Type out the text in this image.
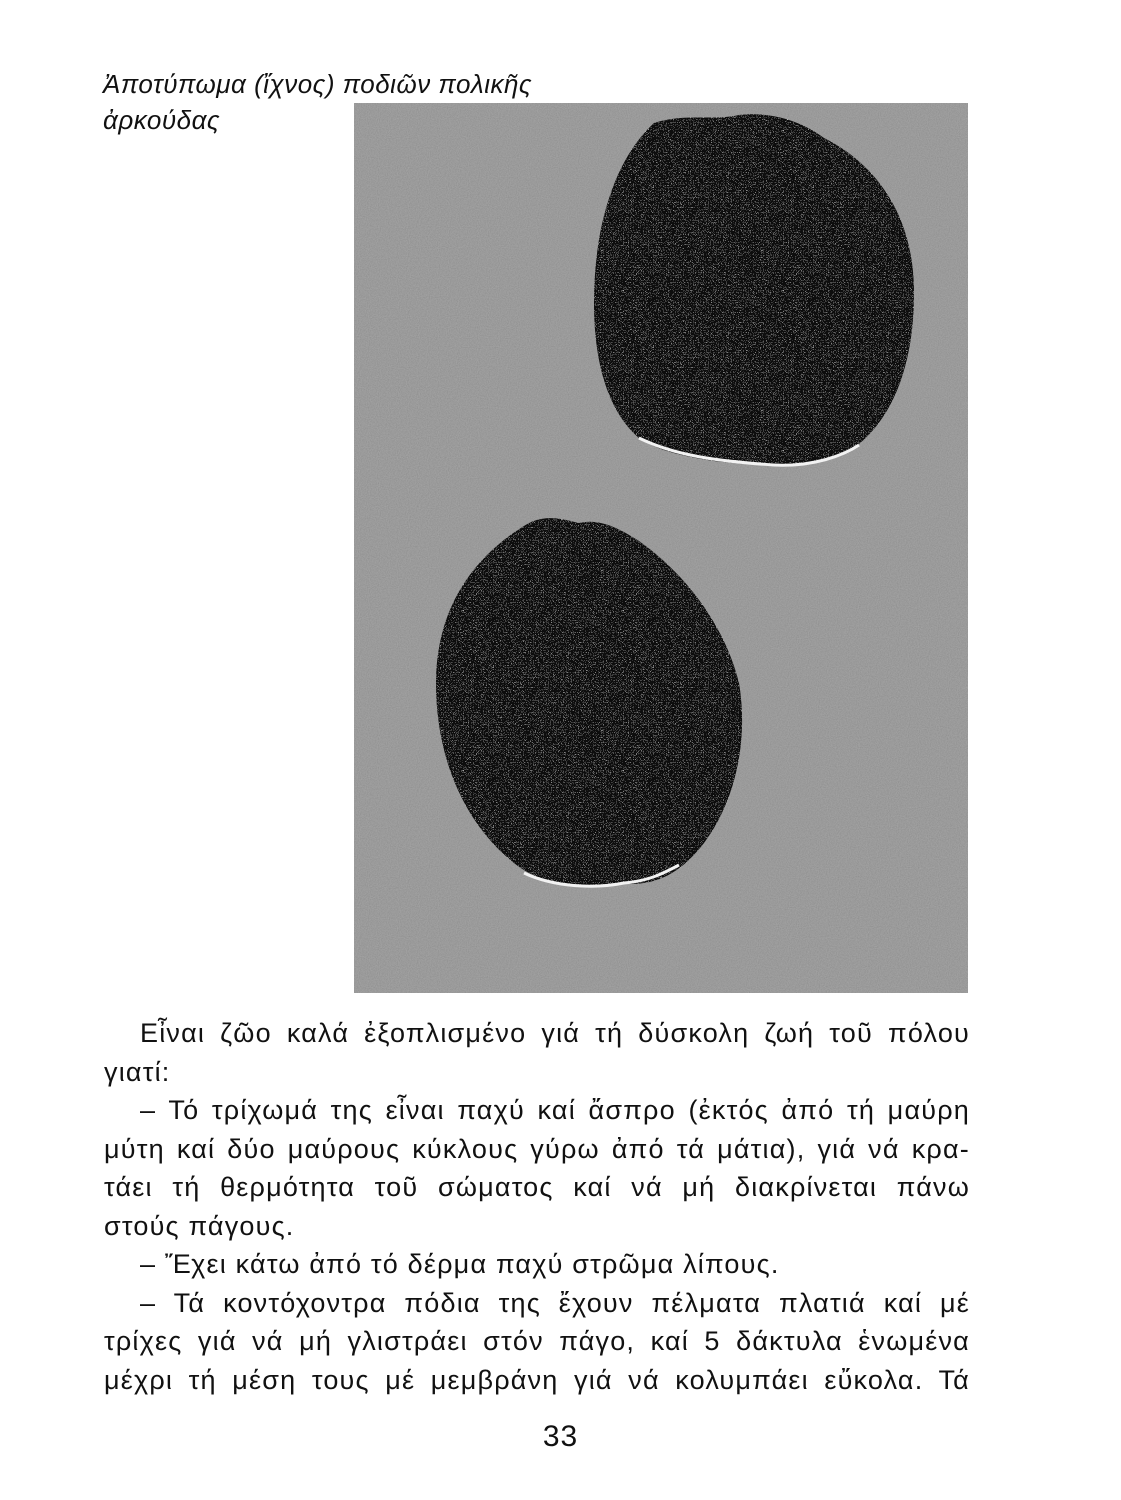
Ἀποτύπωμα (ἴχνος) ποδιῶν πολικῆς
ἀρκούδας
Εἶναι ζῶο καλά ἐξοπλισμένο γιά τή δύσκολη ζωή τοῦ πόλου
γιατί:
– Τό τρίχωμά της εἶναι παχύ καί ἄσπρο (ἐκτός ἀπό τή μαύρη
μύτη καί δύο μαύρους κύκλους γύρω ἀπό τά μάτια), γιά νά κρα-
τάει τή θερμότητα τοῦ σώματος καί νά μή διακρίνεται πάνω
στούς πάγους.
– Ἔχει κάτω ἀπό τό δέρμα παχύ στρῶμα λίπους.
– Τά κοντόχοντρα πόδια της ἔχουν πέλματα πλατιά καί μέ
τρίχες γιά νά μή γλιστράει στόν πάγο, καί 5 δάκτυλα ἑνωμένα
μέχρι τή μέση τους μέ μεμβράνη γιά νά κολυμπάει εὔκολα. Τά
33
